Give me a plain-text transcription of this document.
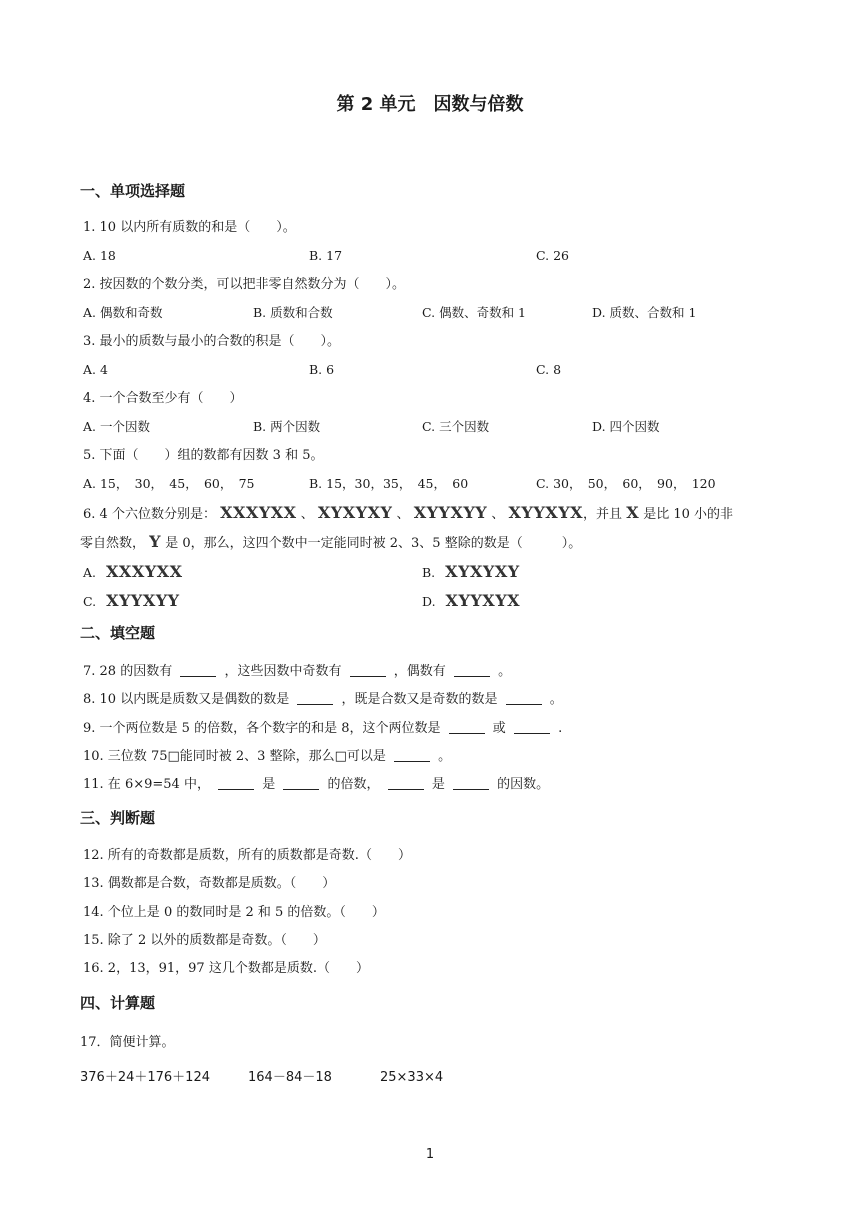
第 2 单元　因数与倍数
一、单项选择题
1. 10 以内所有质数的和是（　　）。
A. 18	B. 17	C. 26
2. 按因数的个数分类，可以把非零自然数分为（　　）。
A. 偶数和奇数	B. 质数和合数	C. 偶数、奇数和 1	D. 质数、合数和 1
3. 最小的质数与最小的合数的积是（　　）。
A. 4	B. 6	C. 8
4. 一个合数至少有（　　）
A. 一个因数	B. 两个因数	C. 三个因数	D. 四个因数
5. 下面（　　）组的数都有因数 3 和 5。
A. 15，　30，　45，　60，　75	B. 15，30，35，　45，　60	C. 30，　50，　60，　90，　120
6. 4 个六位数分别是： XXXYXX 、 XYXYXY 、 XYYXYY 、 XYYXYX，并且 X 是比 10 小的非
零自然数， Y 是 0，那么，这四个数中一定能同时被 2、3、5 整除的数是（　　　）。
A. XXXYXX	B. XYXYXY
C. XYYXYY	D. XYYXYX
二、填空题
7. 28 的因数有	，这些因数中奇数有	，偶数有	。
8. 10 以内既是质数又是偶数的数是	，既是合数又是奇数的数是	。
9. 一个两位数是 5 的倍数，各个数字的和是 8，这个两位数是	或	.
10. 三位数 75□能同时被 2、3 整除，那么□可以是	。
11. 在 6×9=54 中，	是	的倍数，	是	的因数。
三、判断题
12. 所有的奇数都是质数，所有的质数都是奇数.（　　）
13. 偶数都是合数，奇数都是质数。（　　）
14. 个位上是 0 的数同时是 2 和 5 的倍数。（　　）
15. 除了 2 以外的质数都是奇数。（　　）
16. 2，13，91，97 这几个数都是质数.（　　）
四、计算题
17．简便计算。
376＋24＋176＋124	164－84－18	25×33×4
1
